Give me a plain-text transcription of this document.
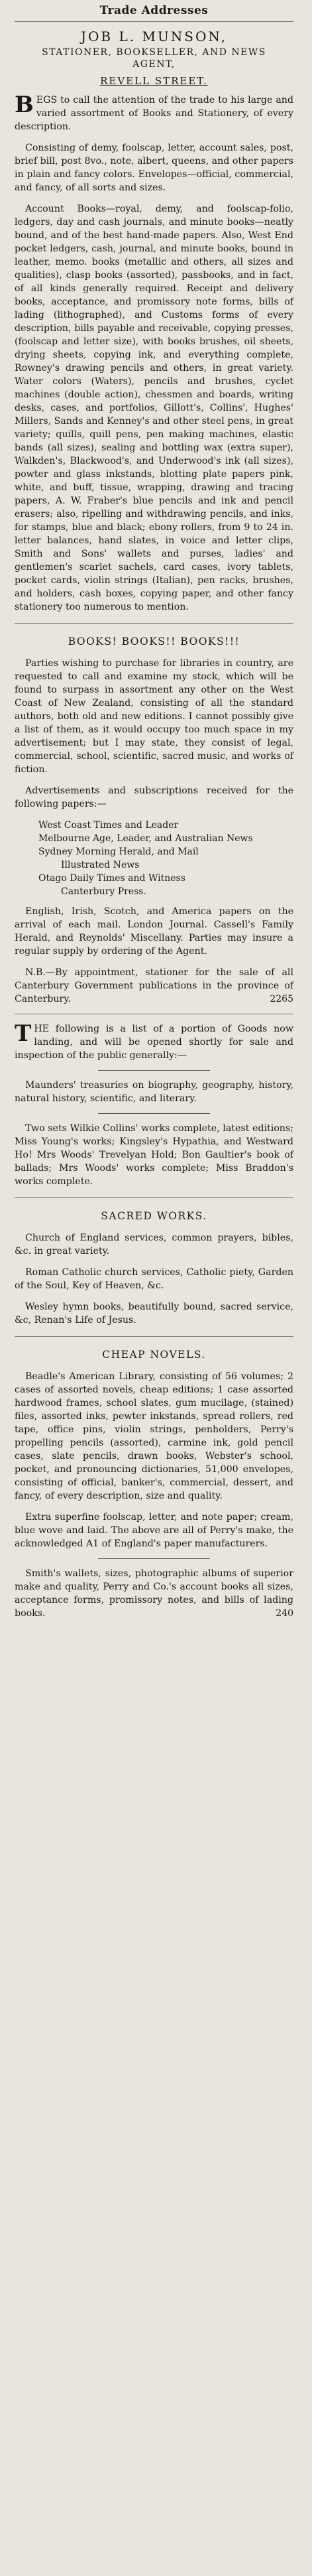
Trade Addresses
JOB L. MUNSON,
STATIONER, BOOKSELLER, AND NEWS
AGENT,
REVELL STREET.

BEGS to call the attention of the trade to his large and varied assortment of Books and Stationery, of every description.

Consisting of demy, foolscap, letter, account sales, post, brief bill, post 8vo., note, albert, queens, and other papers in plain and fancy colors. Envelopes—official, commercial, and fancy, of all sorts and sizes.

Account Books—royal, demy, and foolscap-folio, ledgers, day and cash journals, and minute books—neatly bound, and of the best hand-made papers. Also, West End pocket ledgers, cash, journal, and minute books, bound in leather, memo. books (metallic and others, all sizes and qualities), clasp books (assorted), passbooks, and in fact, of all kinds generally required. Receipt and delivery books, acceptance, and promissory note forms, bills of lading (lithographed), and Customs forms of every description, bills payable and receivable, copying presses, (foolscap and letter size), with books brushes, oil sheets, drying sheets, copying ink, and everything complete, Rowney's drawing pencils and others, in great variety. Water colors (Waters), pencils and brushes, cyclet machines (double action), chessmen and boards, writing desks, cases, and portfolios, Gillott's, Collins', Hughes' Millers, Sands and Kenney's and other steel pens, in great variety; quills, quill pens, pen making machines, elastic bands (all sizes), sealing and bottling wax (extra super), Walkden's, Blackwood's, and Underwood's ink (all sizes), powter and glass inkstands, blotting plate papers pink, white, and buff, tissue, wrapping, drawing and tracing papers, A. W. Fraber's blue pencils and ink and pencil erasers; also, ripelling and withdrawing pencils, and inks, for stamps, blue and black; ebony rollers, from 9 to 24 in. letter balances, hand slates, in voice and letter clips, Smith and Sons' wallets and purses, ladies' and gentlemen's scarlet sachels, card cases, ivory tablets, pocket cards, violin strings (Italian), pen racks, brushes, and holders, cash boxes, copying paper, and other fancy stationery too numerous to mention.

BOOKS! BOOKS!! BOOKS!!!

Parties wishing to purchase for libraries in country, are requested to call and examine my stock, which will be found to surpass in assortment any other on the West Coast of New Zealand, consisting of all the standard authors, both old and new editions. I cannot possibly give a list of them, as it would occupy too much space in my advertisement; but I may state, they consist of legal, commercial, school, scientific, sacred music, and works of fiction.

Advertisements and subscriptions received for the following papers:—

West Coast Times and Leader
Melbourne Age, Leader, and Australian News
Sydney Morning Herald, and Mail
Illustrated News
Otago Daily Times and Witness
Canterbury Press.

English, Irish, Scotch, and America papers on the arrival of each mail. London Journal. Cassell's Family Herald, and Reynolds' Miscellany. Parties may insure a regular supply by ordering of the Agent.

N.B.—By appointment, stationer for the sale of all Canterbury Government publications in the province of Canterbury.	2265

THE following is a list of a portion of Goods now landing, and will be opened shortly for sale and inspection of the public generally:—

Maunders' treasuries on biography, geography, history, natural history, scientific, and literary.

Two sets Wilkie Collins' works complete, latest editions; Miss Young's works; Kingsley's Hypathia, and Westward Ho! Mrs Woods' Trevelyan Hold; Bon Gaultier's book of ballads; Mrs Woods' works complete; Miss Braddon's works complete.

SACRED WORKS.

Church of England services, common prayers, bibles, &c. in great variety.

Roman Catholic church services, Catholic piety, Garden of the Soul, Key of Heaven, &c.

Wesley hymn books, beautifully bound, sacred service, &c, Renan's Life of Jesus.

CHEAP NOVELS.

Beadle's American Library, consisting of 56 volumes; 2 cases of assorted novels, cheap editions; 1 case assorted hardwood frames, school slates, gum mucilage, (stained) files, assorted inks, pewter inkstands, spread rollers, red tape, office pins, violin strings, penholders, Perry's propelling pencils (assorted), carmine ink, gold pencil cases, slate pencils, drawn books, Webster's school, pocket, and pronouncing dictionaries, 51,000 envelopes, consisting of official, banker's, commercial, dessert, and fancy, of every description, size and quality.

Extra superfine foolscap, letter, and note paper; cream, blue wove and laid. The above are all of Perry's make, the acknowledged A1 of England's paper manufacturers.

Smith's wallets, sizes, photographic albums of superior make and quality, Perry and Co.'s account books all sizes, acceptance forms, promissory notes, and bills of lading books.	240
